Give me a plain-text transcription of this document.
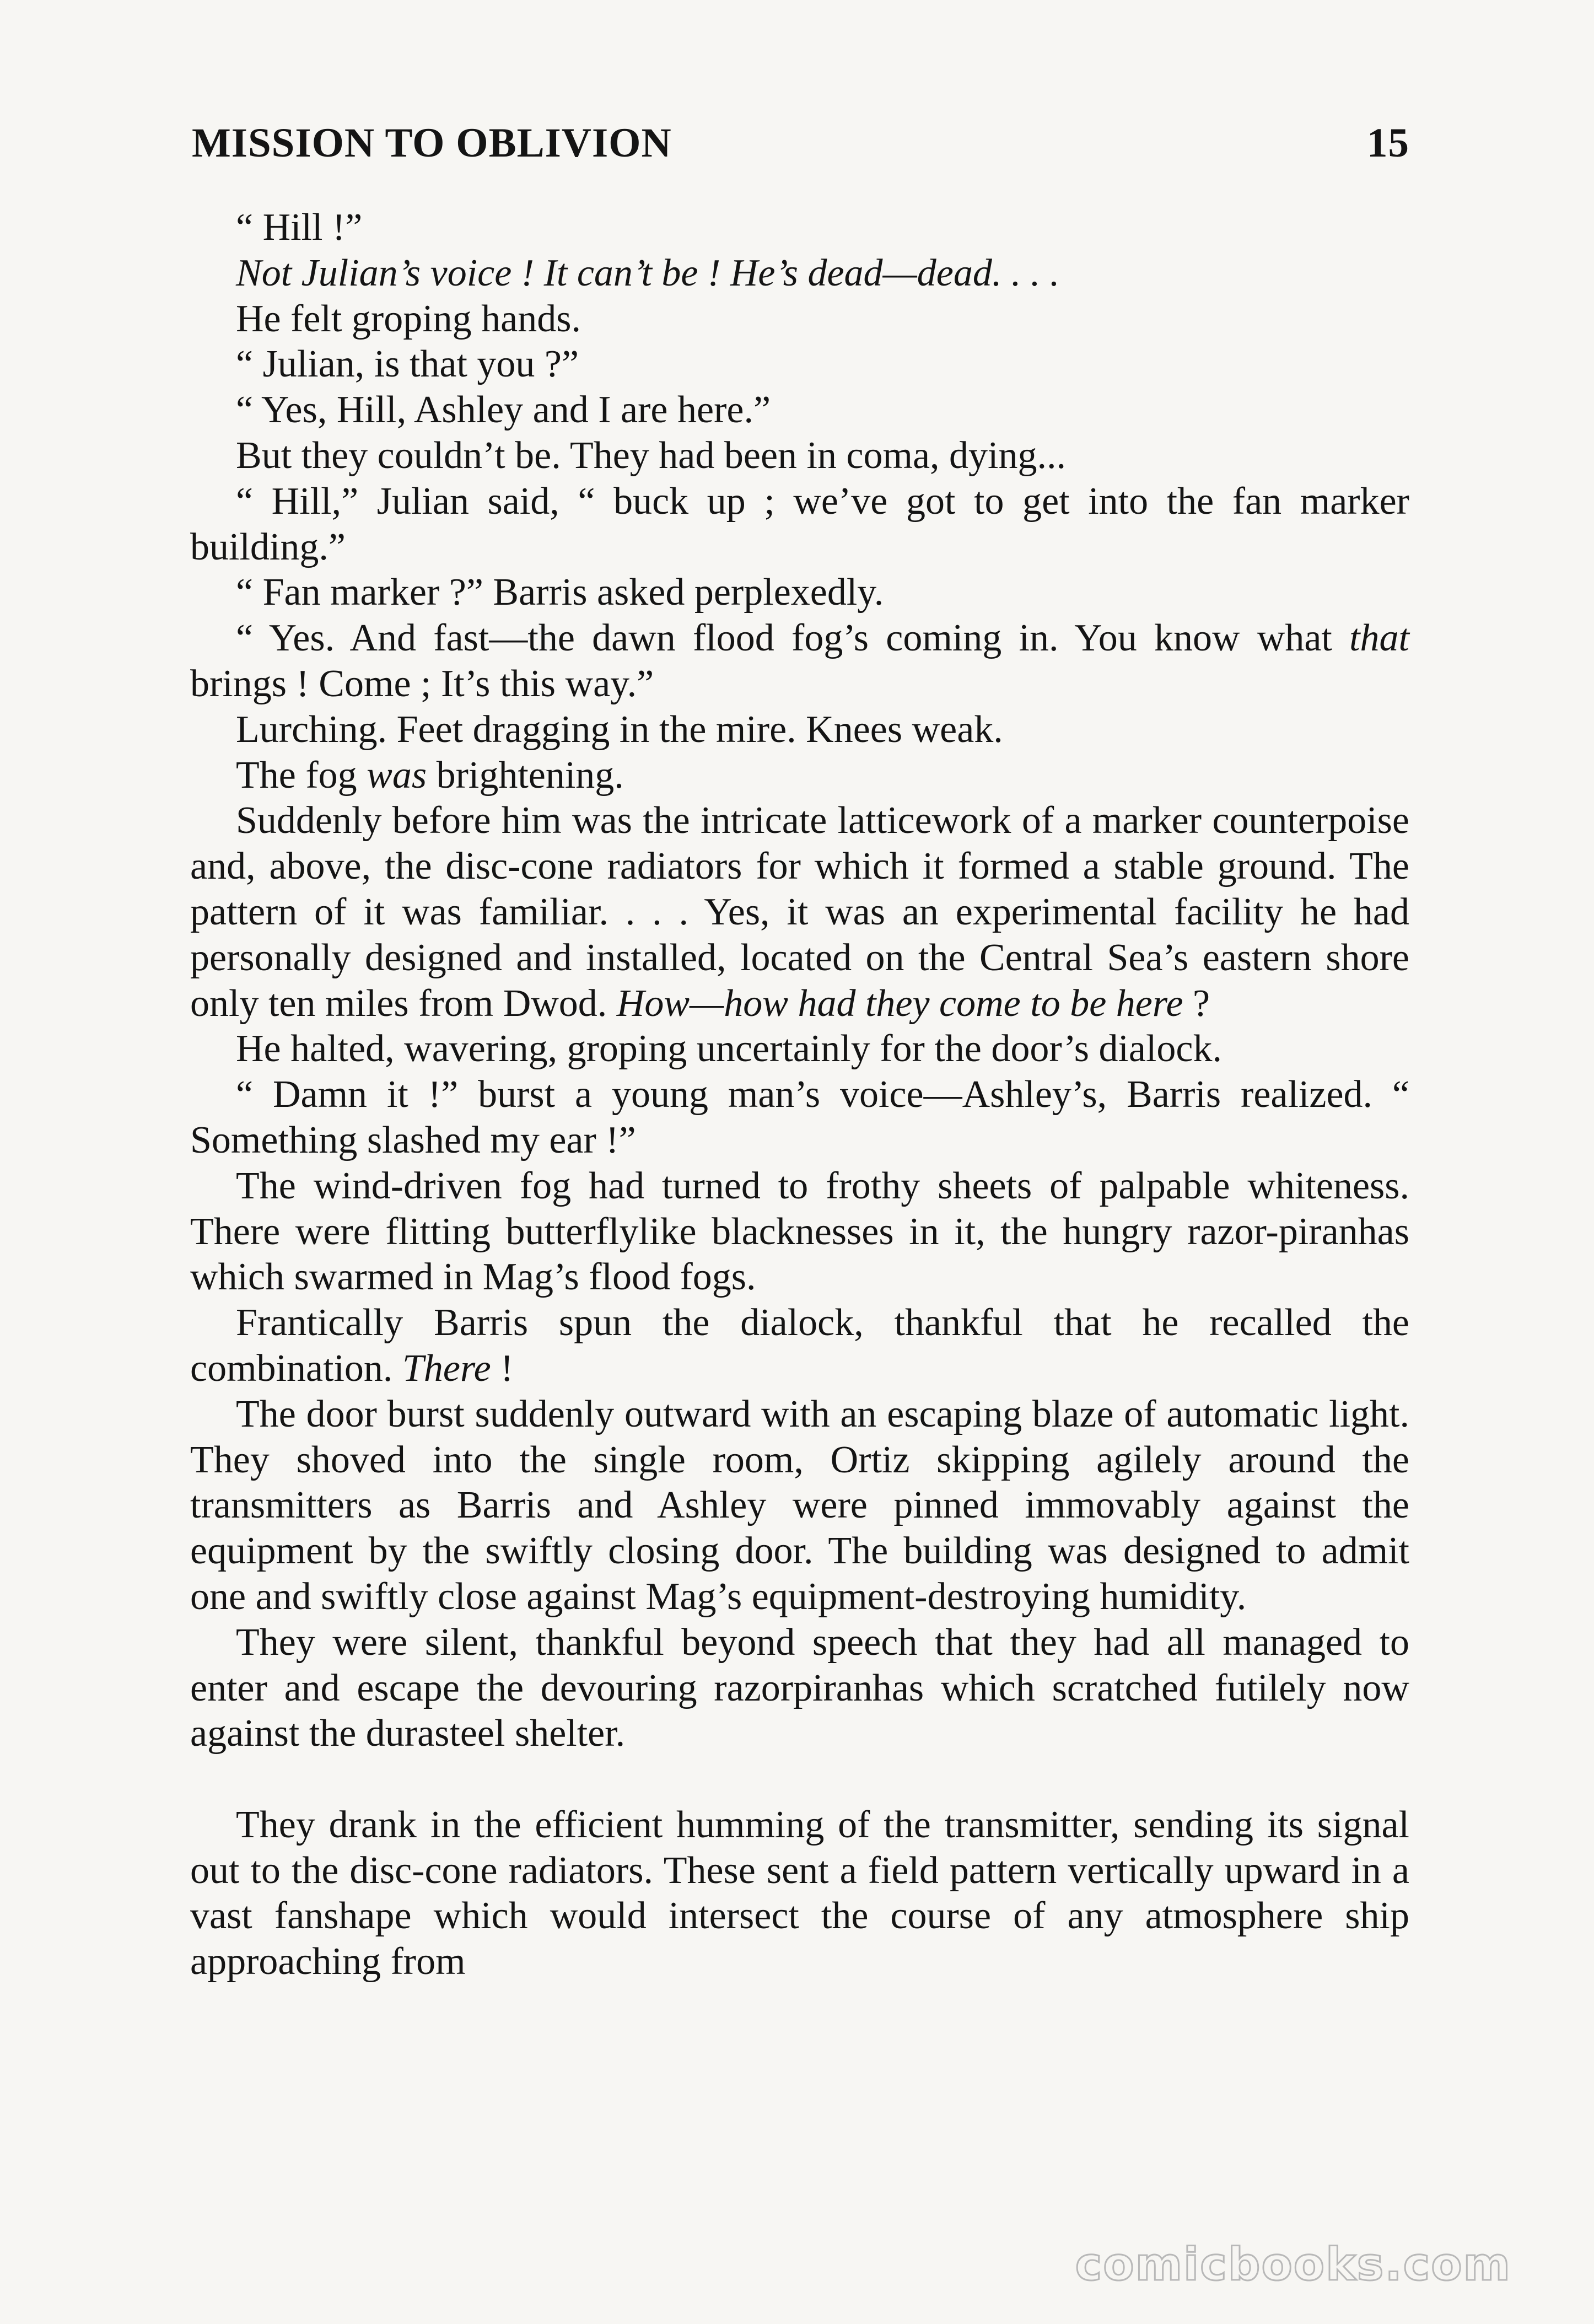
MISSION TO OBLIVION	15

“ Hill !”

Not Julian’s voice ! It can’t be ! He’s dead—dead. . . .

He felt groping hands.

“ Julian, is that you ?”

“ Yes, Hill, Ashley and I are here.”

But they couldn’t be. They had been in coma, dying...

“ Hill,” Julian said, “ buck up ; we’ve got to get into the fan marker building.”

“ Fan marker ?” Barris asked perplexedly.

“ Yes. And fast—the dawn flood fog’s coming in. You know what that brings ! Come ; It’s this way.”

Lurching. Feet dragging in the mire. Knees weak.

The fog was brightening.

Suddenly before him was the intricate latticework of a marker counterpoise and, above, the disc-cone radiators for which it formed a stable ground. The pattern of it was familiar. . . . Yes, it was an experimental facility he had personally designed and installed, located on the Central Sea’s eastern shore only ten miles from Dwod. How—how had they come to be here ?

He halted, wavering, groping uncertainly for the door’s dialock.

“ Damn it !” burst a young man’s voice—Ashley’s, Barris realized. “ Something slashed my ear !”

The wind-driven fog had turned to frothy sheets of palpable whiteness. There were flitting butterflylike blacknesses in it, the hungry razor-piranhas which swarmed in Mag’s flood fogs.

Frantically Barris spun the dialock, thankful that he recalled the combination. There !

The door burst suddenly outward with an escaping blaze of automatic light. They shoved into the single room, Ortiz skipping agilely around the transmitters as Barris and Ashley were pinned immovably against the equipment by the swiftly closing door. The building was designed to admit one and swiftly close against Mag’s equipment-destroying humidity.

They were silent, thankful beyond speech that they had all managed to enter and escape the devouring razorpiranhas which scratched futilely now against the durasteel shelter.

They drank in the efficient humming of the transmitter, sending its signal out to the disc-cone radiators. These sent a field pattern vertically upward in a vast fanshape which would intersect the course of any atmosphere ship approaching from

comicbooks.com
